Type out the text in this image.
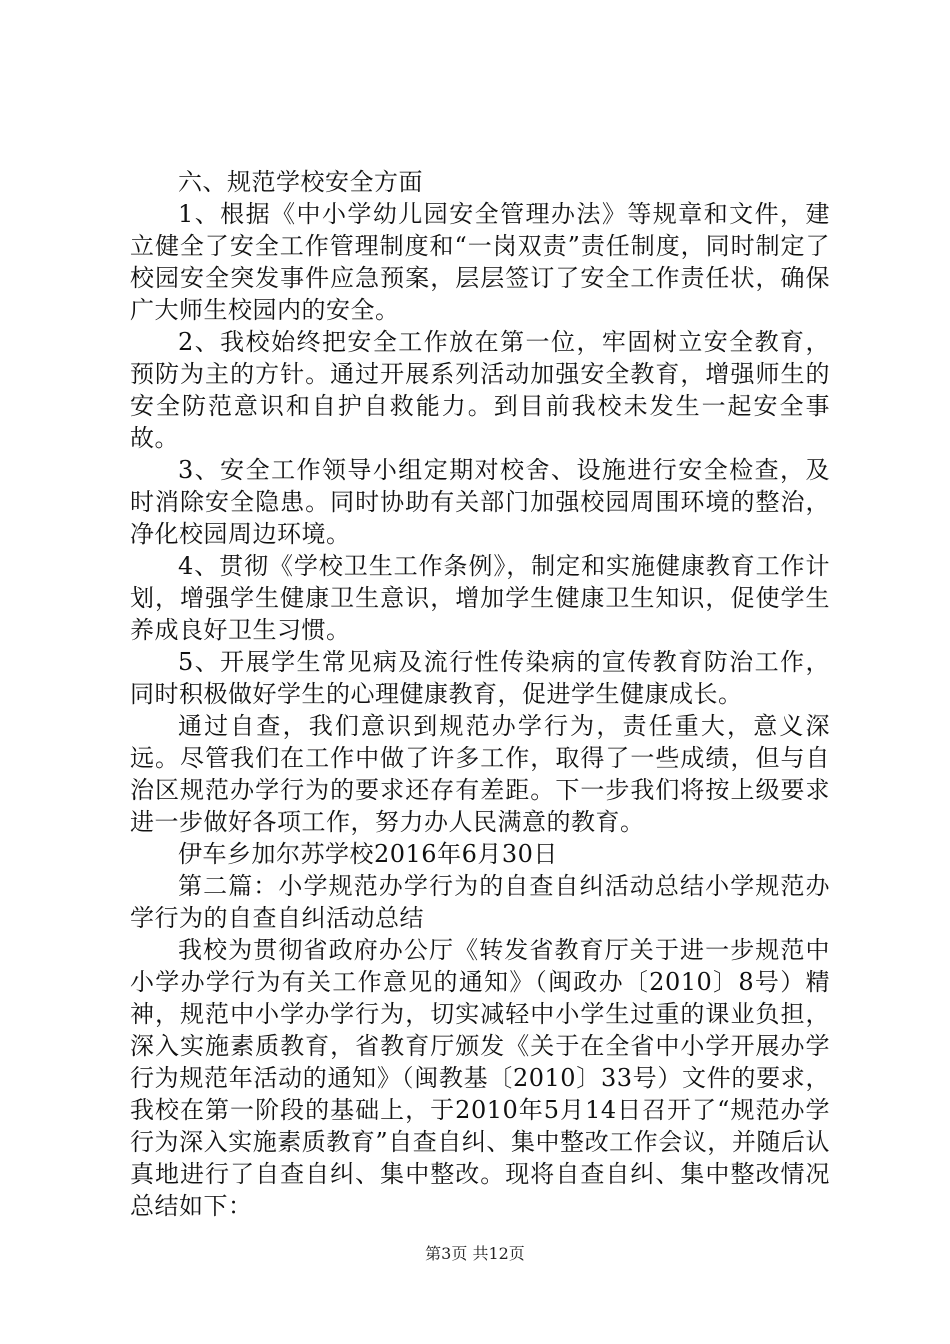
六、规范学校安全方面

1、根据《中小学幼儿园安全管理办法》等规章和文件，建立健全了安全工作管理制度和“一岗双责”责任制度，同时制定了校园安全突发事件应急预案，层层签订了安全工作责任状，确保广大师生校园内的安全。

2、我校始终把安全工作放在第一位，牢固树立安全教育，预防为主的方针。通过开展系列活动加强安全教育，增强师生的安全防范意识和自护自救能力。到目前我校未发生一起安全事故。

3、安全工作领导小组定期对校舍、设施进行安全检查，及时消除安全隐患。同时协助有关部门加强校园周围环境的整治，净化校园周边环境。

4、贯彻《学校卫生工作条例》，制定和实施健康教育工作计划，增强学生健康卫生意识，增加学生健康卫生知识，促使学生养成良好卫生习惯。

5、开展学生常见病及流行性传染病的宣传教育防治工作，同时积极做好学生的心理健康教育，促进学生健康成长。

通过自查，我们意识到规范办学行为，责任重大，意义深远。尽管我们在工作中做了许多工作，取得了一些成绩，但与自治区规范办学行为的要求还存有差距。下一步我们将按上级要求进一步做好各项工作，努力办人民满意的教育。

伊车乡加尔苏学校2016年6月30日

第二篇：小学规范办学行为的自查自纠活动总结小学规范办学行为的自查自纠活动总结

我校为贯彻省政府办公厅《转发省教育厅关于进一步规范中小学办学行为有关工作意见的通知》（闽政办〔2010〕8号）精神，规范中小学办学行为，切实减轻中小学生过重的课业负担，深入实施素质教育，省教育厅颁发《关于在全省中小学开展办学行为规范年活动的通知》（闽教基〔2010〕33号）文件的要求，我校在第一阶段的基础上，于2010年5月14日召开了“规范办学行为深入实施素质教育”自查自纠、集中整改工作会议，并随后认真地进行了自查自纠、集中整改。现将自查自纠、集中整改情况总结如下：

第3页 共12页
